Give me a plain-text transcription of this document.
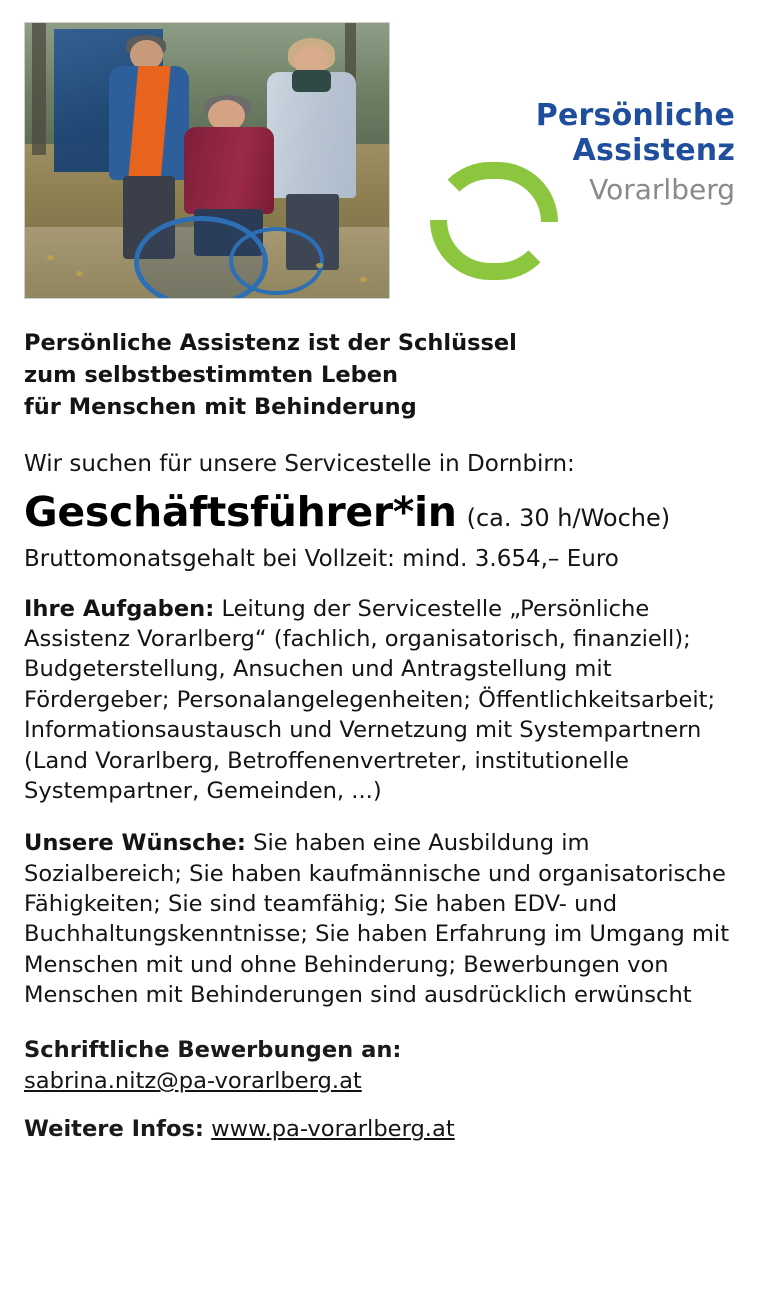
Persönliche
Assistenz
Vorarlberg
Persönliche Assistenz ist der Schlüssel
zum selbstbestimmten Leben
für Menschen mit Behinderung
Wir suchen für unsere Servicestelle in Dornbirn:
Geschäftsführer*in (ca. 30 h/Woche)
Bruttomonatsgehalt bei Vollzeit: mind. 3.654,– Euro
Ihre Aufgaben: Leitung der Servicestelle „Persönliche Assistenz Vorarlberg“ (fachlich, organisatorisch, finanziell); Budgeterstellung, Ansuchen und Antragstellung mit Fördergeber; Personalangelegenheiten; Öffentlichkeitsarbeit; Informationsaustausch und Vernetzung mit Systempartnern (Land Vorarlberg, Betroffenenvertreter, institutionelle Systempartner, Gemeinden, ...)
Unsere Wünsche: Sie haben eine Ausbildung im Sozialbereich; Sie haben kaufmännische und organisatorische Fähigkeiten; Sie sind teamfähig; Sie haben EDV- und Buchhaltungskenntnisse; Sie haben Erfahrung im Umgang mit Menschen mit und ohne Behinderung; Bewerbungen von Menschen mit Behinderungen sind ausdrücklich erwünscht
Schriftliche Bewerbungen an:
sabrina.nitz@pa-vorarlberg.at
Weitere Infos: www.pa-vorarlberg.at
